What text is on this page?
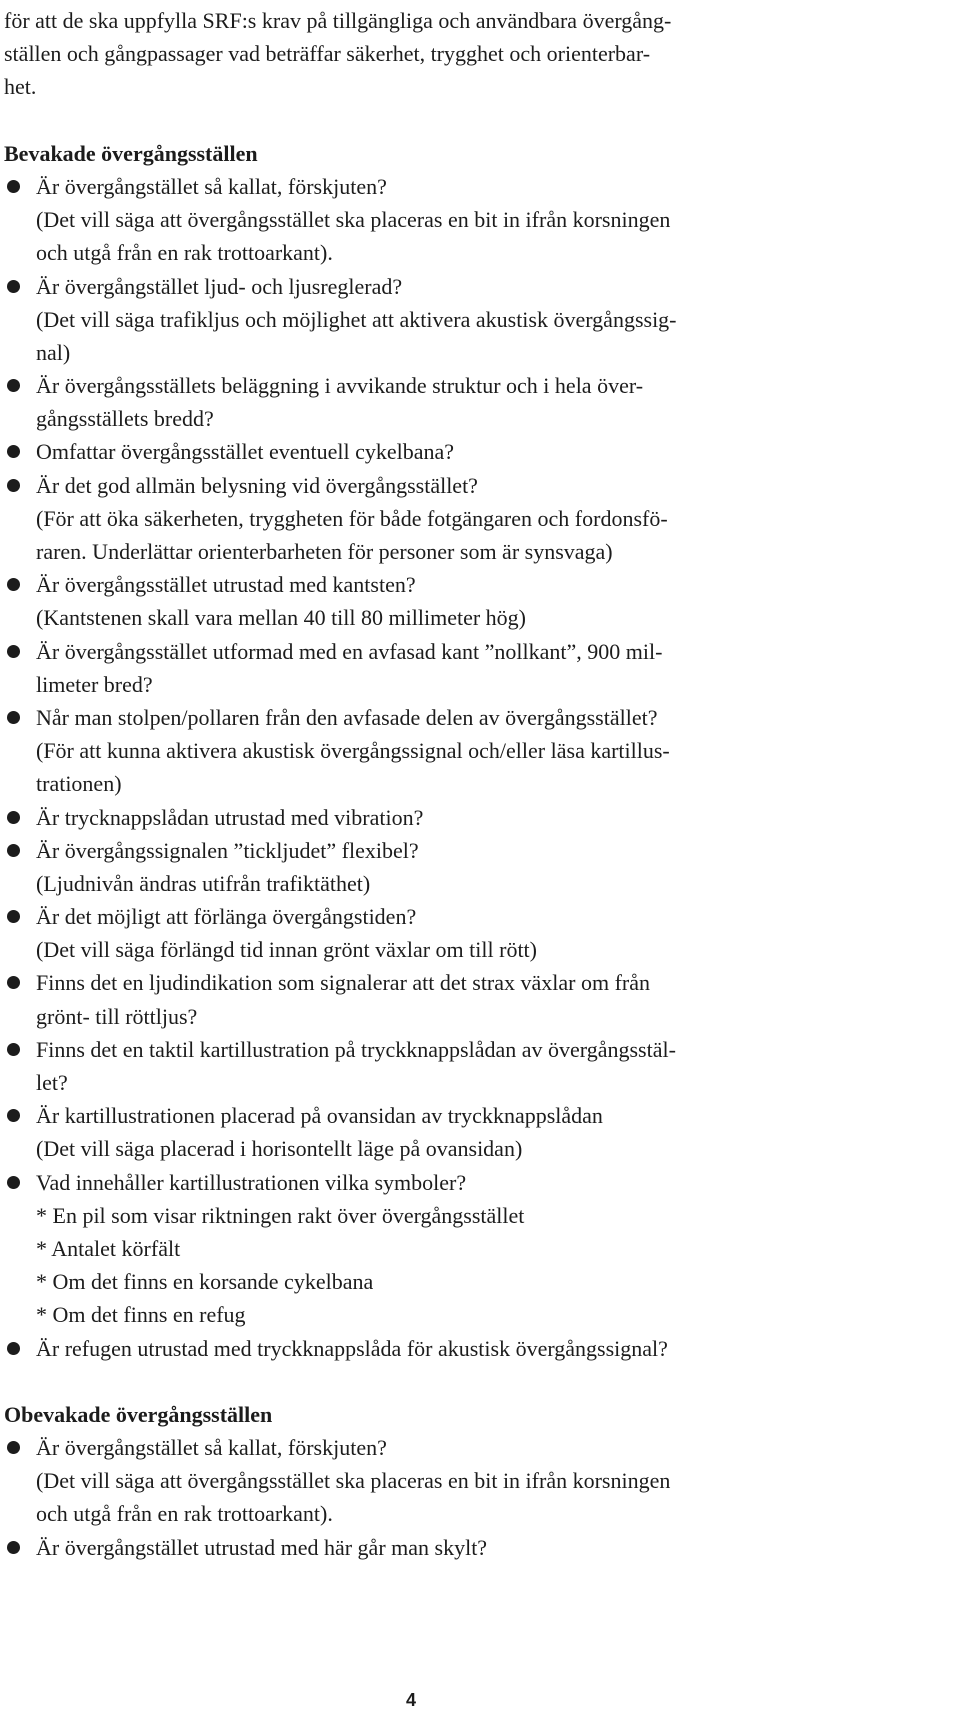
för att de ska uppfylla SRF:s krav på tillgängliga och användbara övergång-
ställen och gångpassager vad beträffar säkerhet, trygghet och orienterbar-
het.
Bevakade övergångsställen
Är övergångstället så kallat, förskjuten?
(Det vill säga att övergångsstället ska placeras en bit in ifrån korsningen
och utgå från en rak trottoarkant).
Är övergångstället ljud- och ljusreglerad?
(Det vill säga trafikljus och möjlighet att aktivera akustisk övergångssig-
nal)
Är övergångsställets beläggning i avvikande struktur och i hela över-
gångsställets bredd?
Omfattar övergångsstället eventuell cykelbana?
Är det god allmän belysning vid övergångsstället?
(För att öka säkerheten, tryggheten för både fotgängaren och fordonsfö-
raren. Underlättar orienterbarheten för personer som är synsvaga)
Är övergångsstället utrustad med kantsten?
(Kantstenen skall vara mellan 40 till 80 millimeter hög)
Är övergångsstället utformad med en avfasad kant ”nollkant”, 900 mil-
limeter bred?
Når man stolpen/pollaren från den avfasade delen av övergångsstället?
(För att kunna aktivera akustisk övergångssignal och/eller läsa kartillus-
trationen)
Är trycknappslådan utrustad med vibration?
Är övergångssignalen ”tickljudet” flexibel?
(Ljudnivån ändras utifrån trafiktäthet)
Är det möjligt att förlänga övergångstiden?
(Det vill säga förlängd tid innan grönt växlar om till rött)
Finns det en ljudindikation som signalerar att det strax växlar om från
grönt- till röttljus?
Finns det en taktil kartillustration på tryckknappslådan av övergångsstäl-
let?
Är kartillustrationen placerad på ovansidan av tryckknappslådan
(Det vill säga placerad i horisontellt läge på ovansidan)
Vad innehåller kartillustrationen vilka symboler?
* En pil som visar riktningen rakt över övergångsstället
* Antalet körfält
* Om det finns en korsande cykelbana
* Om det finns en refug
Är refugen utrustad med tryckknappslåda för akustisk övergångssignal?
Obevakade övergångsställen
Är övergångstället så kallat, förskjuten?
(Det vill säga att övergångsstället ska placeras en bit in ifrån korsningen
och utgå från en rak trottoarkant).
Är övergångstället utrustad med här går man skylt?
4
